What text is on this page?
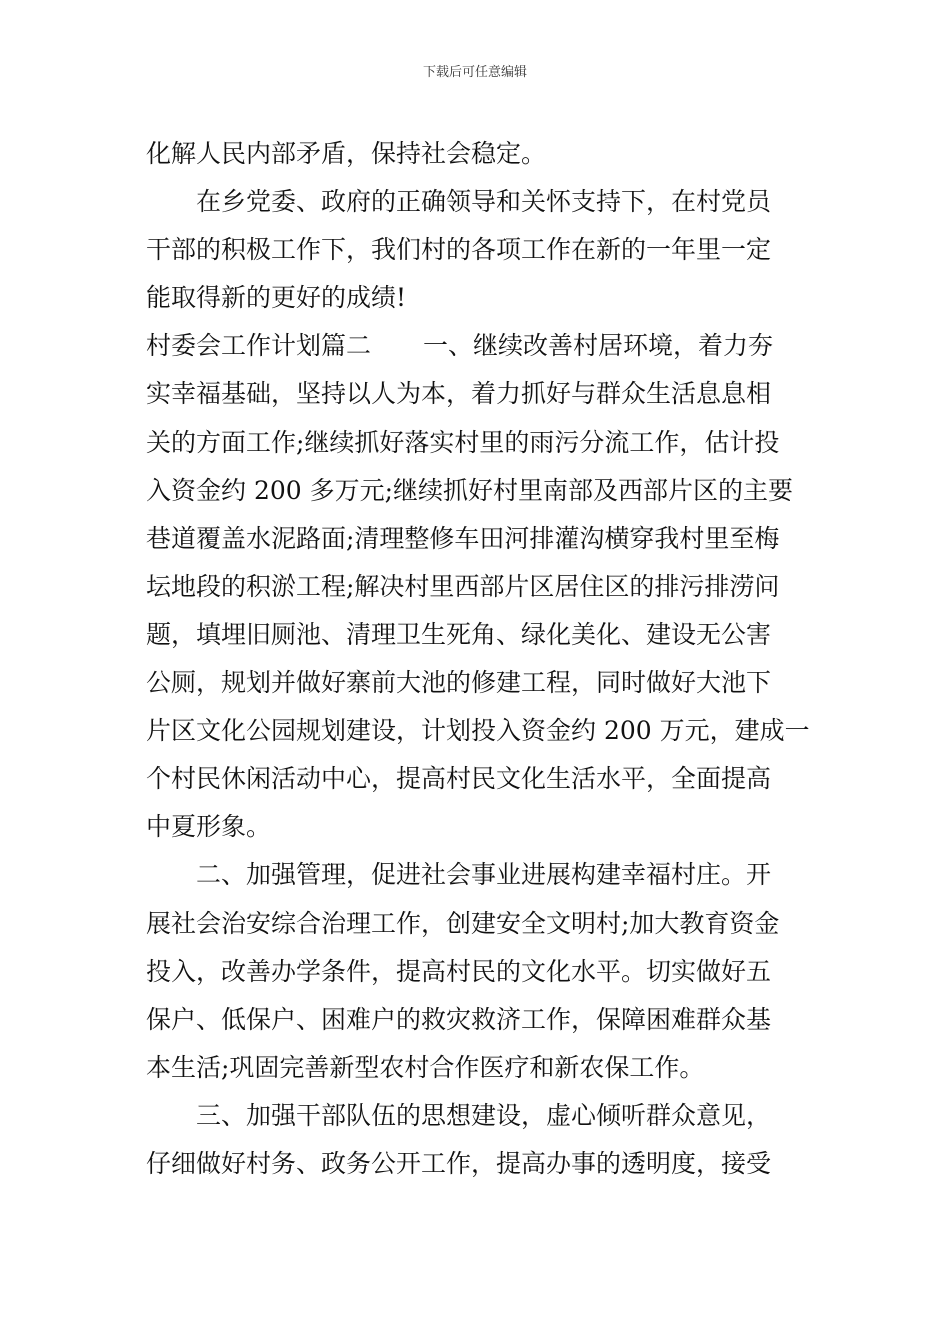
下载后可任意编辑
化解人民内部矛盾，保持社会稳定。
在乡党委、政府的正确领导和关怀支持下，在村党员
干部的积极工作下，我们村的各项工作在新的一年里一定
能取得新的更好的成绩!
村委会工作计划篇二 一、继续改善村居环境，着力夯
实幸福基础，坚持以人为本，着力抓好与群众生活息息相
关的方面工作;继续抓好落实村里的雨污分流工作，估计投
入资金约 200 多万元;继续抓好村里南部及西部片区的主要
巷道覆盖水泥路面;清理整修车田河排灌沟横穿我村里至梅
坛地段的积淤工程;解决村里西部片区居住区的排污排涝问
题，填埋旧厕池、清理卫生死角、绿化美化、建设无公害
公厕，规划并做好寨前大池的修建工程，同时做好大池下
片区文化公园规划建设，计划投入资金约 200 万元，建成一
个村民休闲活动中心，提高村民文化生活水平，全面提高
中夏形象。
二、加强管理，促进社会事业进展构建幸福村庄。开
展社会治安综合治理工作，创建安全文明村;加大教育资金
投入，改善办学条件，提高村民的文化水平。切实做好五
保户、低保户、困难户的救灾救济工作，保障困难群众基
本生活;巩固完善新型农村合作医疗和新农保工作。
三、加强干部队伍的思想建设，虚心倾听群众意见，
仔细做好村务、政务公开工作，提高办事的透明度，接受
